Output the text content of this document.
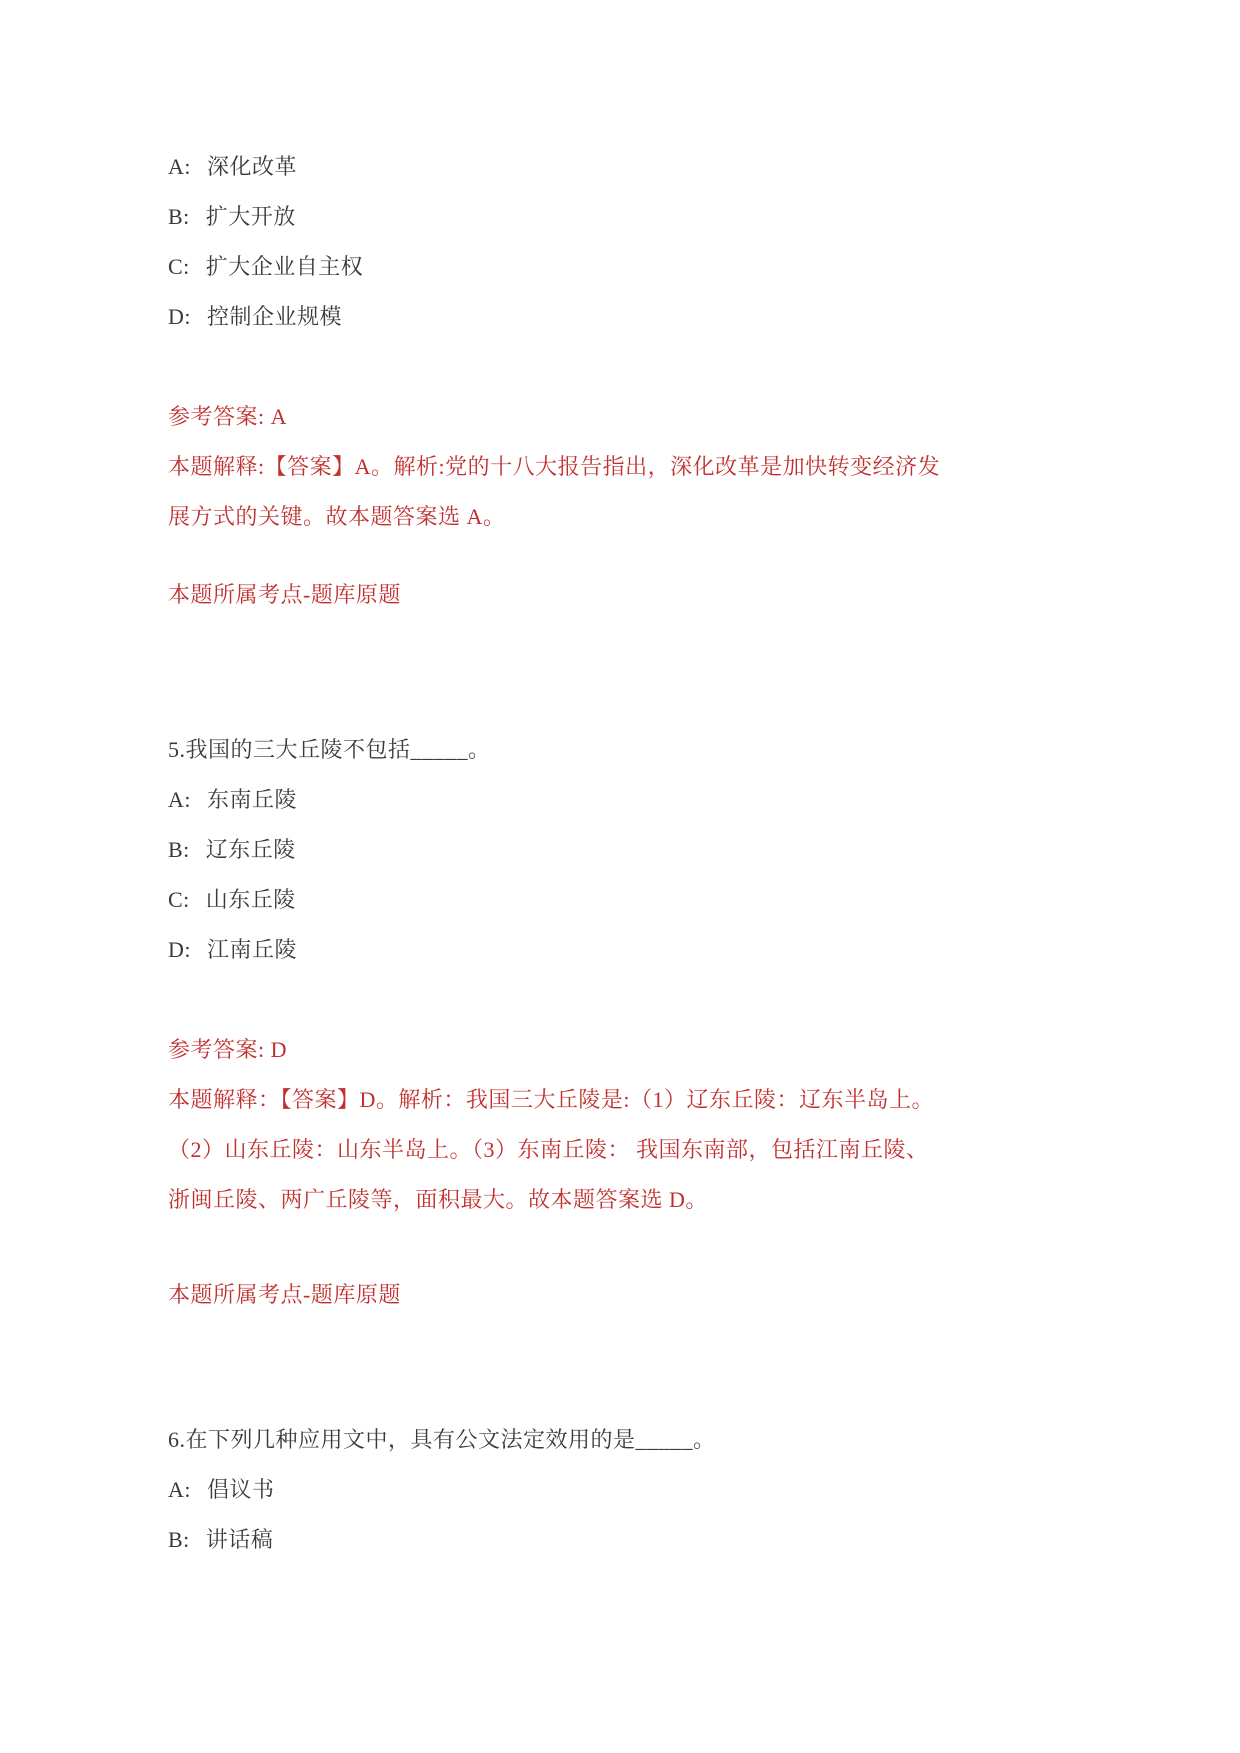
A: 深化改革
B: 扩大开放
C: 扩大企业自主权
D: 控制企业规模
参考答案: A
本题解释:【答案】A。解析:党的十八大报告指出，深化改革是加快转变经济发
展方式的关键。故本题答案选 A。
本题所属考点-题库原题
5.我国的三大丘陵不包括_____。
A: 东南丘陵
B: 辽东丘陵
C: 山东丘陵
D: 江南丘陵
参考答案: D
本题解释：【答案】D。解析：我国三大丘陵是:（1）辽东丘陵：辽东半岛上。
（2）山东丘陵：山东半岛上。（3）东南丘陵： 我国东南部，包括江南丘陵、
浙闽丘陵、两广丘陵等，面积最大。故本题答案选 D。
本题所属考点-题库原题
6.在下列几种应用文中，具有公文法定效用的是_____。
A: 倡议书
B: 讲话稿
